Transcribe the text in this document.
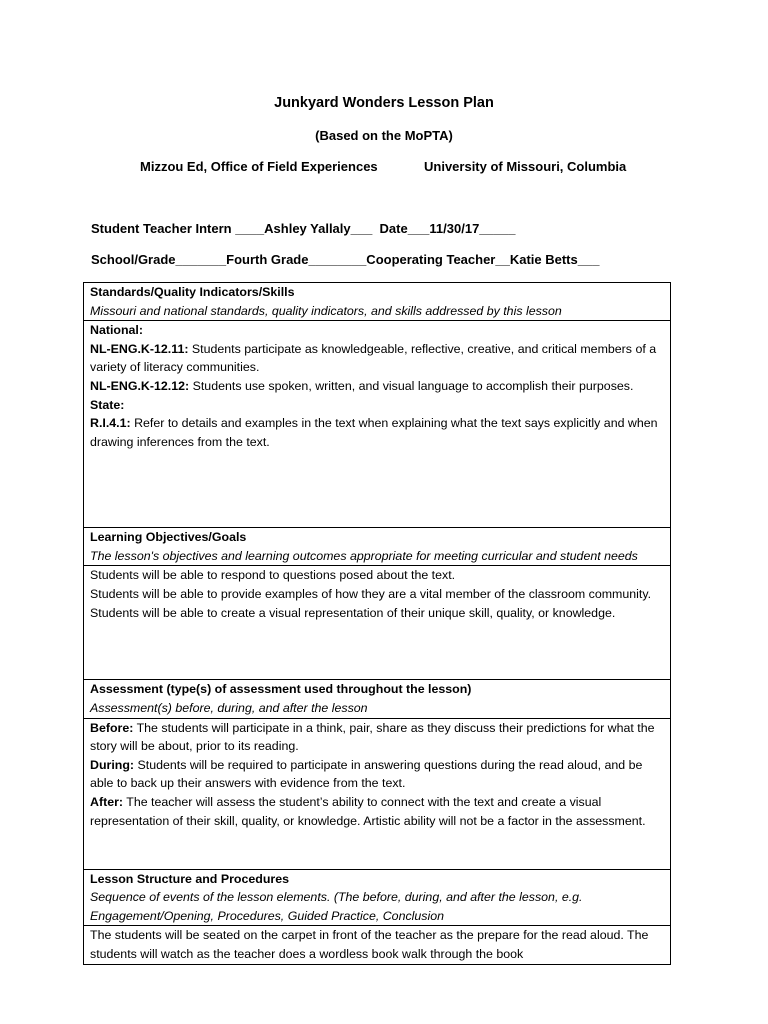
Junkyard Wonders Lesson Plan
(Based on the MoPTA)
Mizzou Ed, Office of Field Experiences	University of Missouri, Columbia
Student Teacher Intern ____Ashley Yallaly___  Date___11/30/17_____
School/Grade_______Fourth Grade________Cooperating Teacher__Katie Betts___
Standards/Quality Indicators/Skills
Missouri and national standards, quality indicators, and skills addressed by this lesson

National:
NL-ENG.K-12.11: Students participate as knowledgeable, reflective, creative, and critical members of a variety of literacy communities.
NL-ENG.K-12.12: Students use spoken, written, and visual language to accomplish their purposes.
State:
R.I.4.1: Refer to details and examples in the text when explaining what the text says explicitly and when drawing inferences from the text.

Learning Objectives/Goals
The lesson's objectives and learning outcomes appropriate for meeting curricular and student needs

Students will be able to respond to questions posed about the text.
Students will be able to provide examples of how they are a vital member of the classroom community.
Students will be able to create a visual representation of their unique skill, quality, or knowledge.

Assessment (type(s) of assessment used throughout the lesson)
Assessment(s) before, during, and after the lesson

Before: The students will participate in a think, pair, share as they discuss their predictions for what the story will be about, prior to its reading.
During: Students will be required to participate in answering questions during the read aloud, and be able to back up their answers with evidence from the text.
After: The teacher will assess the student’s ability to connect with the text and create a visual representation of their skill, quality, or knowledge. Artistic ability will not be a factor in the assessment.

Lesson Structure and Procedures
Sequence of events of the lesson elements. (The before, during, and after the lesson, e.g. Engagement/Opening, Procedures, Guided Practice, Conclusion

The students will be seated on the carpet in front of the teacher as the prepare for the read aloud. The students will watch as the teacher does a wordless book walk through the book
